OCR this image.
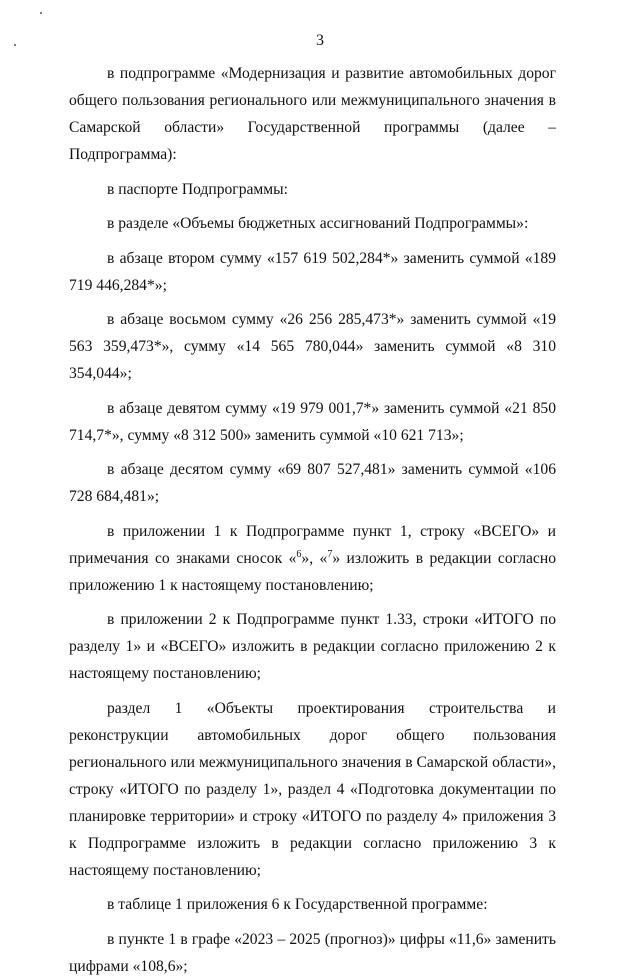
3

в подпрограмме «Модернизация и развитие автомобильных дорог общего пользования регионального или межмуниципального значения в Самарской области» Государственной программы (далее – Подпрограмма):

в паспорте Подпрограммы:

в разделе «Объемы бюджетных ассигнований Подпрограммы»:

в абзаце втором сумму «157 619 502,284*» заменить суммой «189 719 446,284*»;

в абзаце восьмом сумму «26 256 285,473*» заменить суммой «19 563 359,473*», сумму «14 565 780,044» заменить суммой «8 310 354,044»;

в абзаце девятом сумму «19 979 001,7*» заменить суммой «21 850 714,7*», сумму «8 312 500» заменить суммой «10 621 713»;

в абзаце десятом сумму «69 807 527,481» заменить суммой «106 728 684,481»;

в приложении 1 к Подпрограмме пункт 1, строку «ВСЕГО» и примечания со знаками сносок «$^6$», «$^7$» изложить в редакции согласно приложению 1 к настоящему постановлению;

в приложении 2 к Подпрограмме пункт 1.33, строки «ИТОГО по разделу 1» и «ВСЕГО» изложить в редакции согласно приложению 2 к настоящему постановлению;

раздел 1 «Объекты проектирования строительства и реконструкции автомобильных дорог общего пользования регионального или межмуниципального значения в Самарской области», строку «ИТОГО по разделу 1», раздел 4 «Подготовка документации по планировке территории» и строку «ИТОГО по разделу 4» приложения 3 к Подпрограмме изложить в редакции согласно приложению 3 к настоящему постановлению;

в таблице 1 приложения 6 к Государственной программе:

в пункте 1 в графе «2023 – 2025 (прогноз)» цифры «11,6» заменить цифрами «108,6»;
